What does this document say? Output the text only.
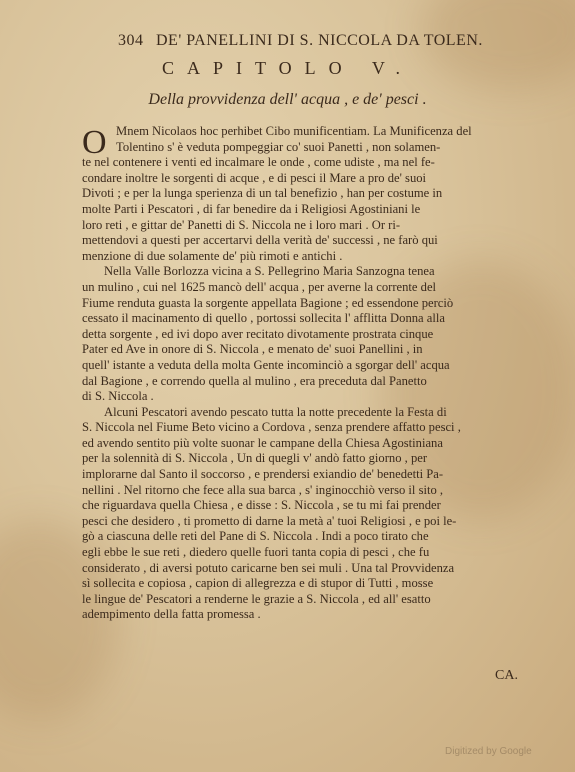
304 DE' PANELLINI DI S. NICCOLA DA TOLEN.
CAPITOLO V.
Della provvidenza dell' acqua , e de' pesci .
O Mnem Nicolaos hoc perhibet Cibo munificentiam. La Munificenza del
Tolentino s' è veduta pompeggiar co' suoi Panetti , non solamen-
te nel contenere i venti ed incalmare le onde , come udiste , ma nel fe-
condare inoltre le sorgenti di acque , e di pesci il Mare a pro de' suoi
Divoti ; e per la lunga sperienza di un tal benefizio , han per costume in
molte Parti i Pescatori , di far benedire da i Religiosi Agostiniani le
loro reti , e gittar de' Panetti di S. Niccola ne i loro mari . Or ri-
mettendovi a questi per accertarvi della verità de' successi , ne farò qui
menzione di due solamente de' più rimoti e antichi .
Nella Valle Borlozza vicina a S. Pellegrino Maria Sanzogna tenea
un mulino , cui nel 1625 mancò dell' acqua , per averne la corrente del
Fiume renduta guasta la sorgente appellata Bagione ; ed essendone perciò
cessato il macinamento di quello , portossi sollecita l' afflitta Donna alla
detta sorgente , ed ivi dopo aver recitato divotamente prostrata cinque
Pater ed Ave in onore di S. Niccola , e menato de' suoi Panellini , in
quell' istante a veduta della molta Gente incominciò a sgorgar dell' acqua
dal Bagione , e correndo quella al mulino , era preceduta dal Panetto
di S. Niccola .
Alcuni Pescatori avendo pescato tutta la notte precedente la Festa di
S. Niccola nel Fiume Beto vicino a Cordova , senza prendere affatto pesci ,
ed avendo sentito più volte suonar le campane della Chiesa Agostiniana
per la solennità di S. Niccola , Un di quegli v' andò fatto giorno , per
implorarne dal Santo il soccorso , e prendersi exiandio de' benedetti Pa-
nellini . Nel ritorno che fece alla sua barca , s' inginocchiò verso il sito ,
che riguardava quella Chiesa , e disse : S. Niccola , se tu mi fai prender
pesci che desidero , ti prometto di darne la metà a' tuoi Religiosi , e poi le-
gò a ciascuna delle reti del Pane di S. Niccola . Indi a poco tirato che
egli ebbe le sue reti , diedero quelle fuori tanta copia di pesci , che fu
considerato , di aversi potuto caricarne ben sei muli . Una tal Provvidenza
sì sollecita e copiosa , capion di allegrezza e di stupor di Tutti , mosse
le lingue de' Pescatori a renderne le grazie a S. Niccola , ed all' esatto
adempimento della fatta promessa .
CA.
Digitized by Google
